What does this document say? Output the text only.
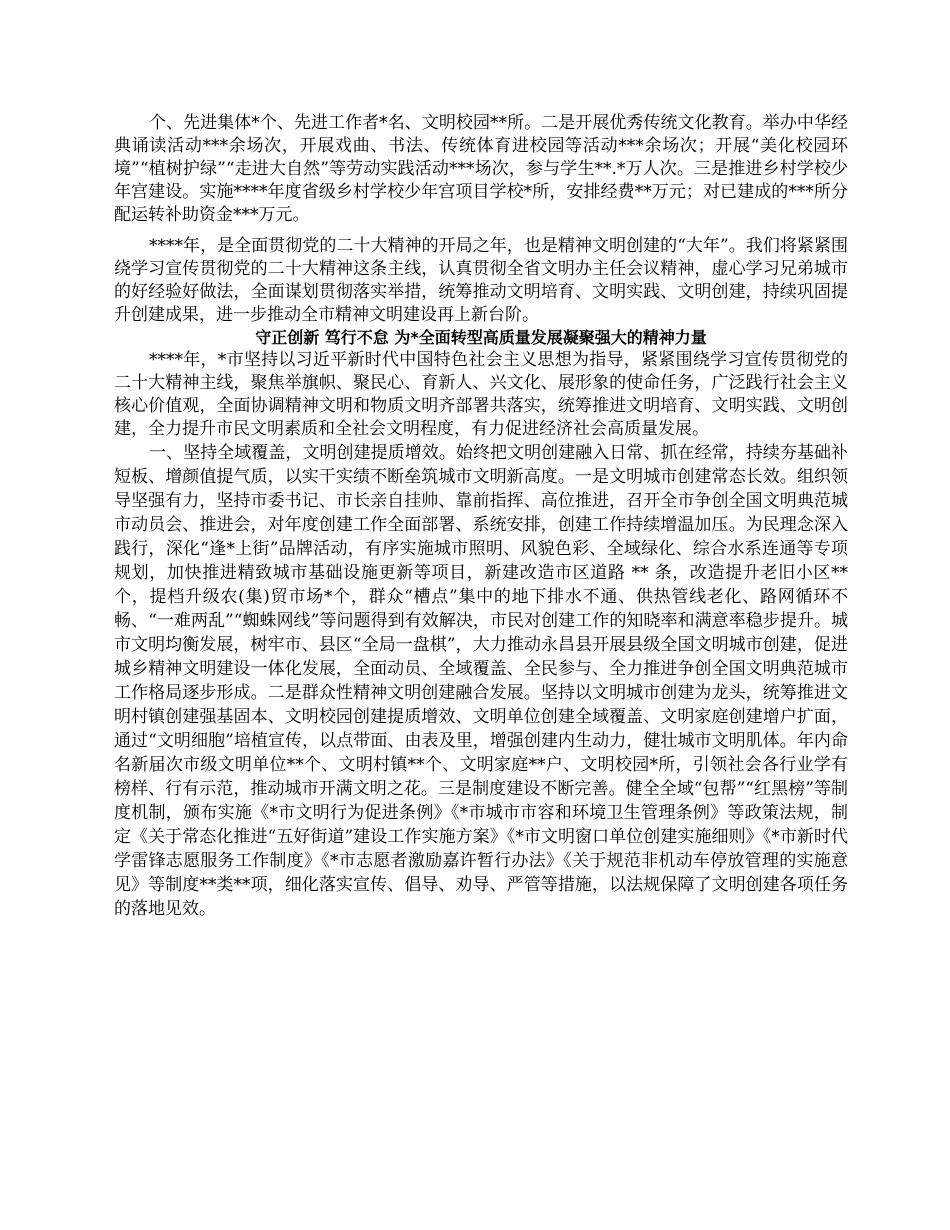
个、先进集体*个、先进工作者*名、文明校园**所。二是开展优秀传统文化教育。举办中华经典诵读活动***余场次，开展戏曲、书法、传统体育进校园等活动***余场次；开展“美化校园环境”“植树护绿”“走进大自然”等劳动实践活动***场次，参与学生**.*万人次。三是推进乡村学校少年宫建设。实施****年度省级乡村学校少年宫项目学校*所，安排经费**万元；对已建成的***所分配运转补助资金***万元。

****年，是全面贯彻党的二十大精神的开局之年，也是精神文明创建的“大年”。我们将紧紧围绕学习宣传贯彻党的二十大精神这条主线，认真贯彻全省文明办主任会议精神，虚心学习兄弟城市的好经验好做法，全面谋划贯彻落实举措，统筹推动文明培育、文明实践、文明创建，持续巩固提升创建成果，进一步推动全市精神文明建设再上新台阶。

守正创新 笃行不怠 为*全面转型高质量发展凝聚强大的精神力量

****年，*市坚持以习近平新时代中国特色社会主义思想为指导，紧紧围绕学习宣传贯彻党的二十大精神主线，聚焦举旗帜、聚民心、育新人、兴文化、展形象的使命任务，广泛践行社会主义核心价值观，全面协调精神文明和物质文明齐部署共落实，统筹推进文明培育、文明实践、文明创建，全力提升市民文明素质和全社会文明程度，有力促进经济社会高质量发展。

一、坚持全域覆盖，文明创建提质增效。始终把文明创建融入日常、抓在经常，持续夯基础补短板、增颜值提气质，以实干实绩不断垒筑城市文明新高度。一是文明城市创建常态长效。组织领导坚强有力，坚持市委书记、市长亲自挂帅、靠前指挥、高位推进，召开全市争创全国文明典范城市动员会、推进会，对年度创建工作全面部署、系统安排，创建工作持续增温加压。为民理念深入践行，深化“逢*上街”品牌活动，有序实施城市照明、风貌色彩、全域绿化、综合水系连通等专项规划，加快推进精致城市基础设施更新等项目，新建改造市区道路 ** 条，改造提升老旧小区** 个，提档升级农(集)贸市场*个，群众“槽点”集中的地下排水不通、供热管线老化、路网循环不畅、“一难两乱”“蜘蛛网线”等问题得到有效解决，市民对创建工作的知晓率和满意率稳步提升。城市文明均衡发展，树牢市、县区“全局一盘棋”，大力推动永昌县开展县级全国文明城市创建，促进城乡精神文明建设一体化发展，全面动员、全域覆盖、全民参与、全力推进争创全国文明典范城市工作格局逐步形成。二是群众性精神文明创建融合发展。坚持以文明城市创建为龙头，统筹推进文明村镇创建强基固本、文明校园创建提质增效、文明单位创建全域覆盖、文明家庭创建增户扩面，通过“文明细胞”培植宣传，以点带面、由表及里，增强创建内生动力，健壮城市文明肌体。年内命名新届次市级文明单位**个、文明村镇**个、文明家庭**户、文明校园*所，引领社会各行业学有榜样、行有示范，推动城市开满文明之花。三是制度建设不断完善。健全全域“包帮”“红黑榜”等制度机制，颁布实施《*市文明行为促进条例》《*市城市市容和环境卫生管理条例》等政策法规，制定《关于常态化推进“五好街道”建设工作实施方案》《*市文明窗口单位创建实施细则》《*市新时代学雷锋志愿服务工作制度》《*市志愿者激励嘉许暂行办法》《关于规范非机动车停放管理的实施意见》等制度**类**项，细化落实宣传、倡导、劝导、严管等措施，以法规保障了文明创建各项任务的落地见效。
